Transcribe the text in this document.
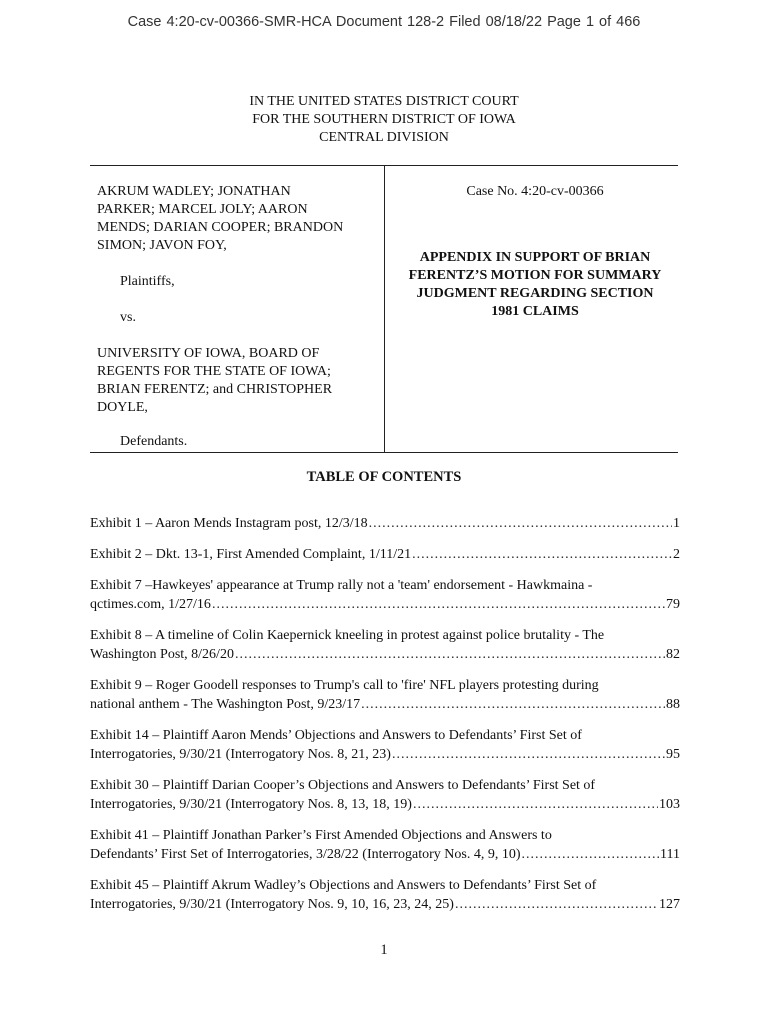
Case 4:20-cv-00366-SMR-HCA Document 128-2 Filed 08/18/22 Page 1 of 466
IN THE UNITED STATES DISTRICT COURT
FOR THE SOUTHERN DISTRICT OF IOWA
CENTRAL DIVISION
AKRUM WADLEY; JONATHAN
PARKER; MARCEL JOLY; AARON
MENDS; DARIAN COOPER; BRANDON
SIMON; JAVON FOY,
Plaintiffs,
vs.
UNIVERSITY OF IOWA, BOARD OF
REGENTS FOR THE STATE OF IOWA;
BRIAN FERENTZ; and CHRISTOPHER
DOYLE,
Defendants.
Case No. 4:20-cv-00366
APPENDIX IN SUPPORT OF BRIAN
FERENTZ’S MOTION FOR SUMMARY
JUDGMENT REGARDING SECTION
1981 CLAIMS
TABLE OF CONTENTS
Exhibit 1 – Aaron Mends Instagram post, 12/3/18 .....	1
Exhibit 2 – Dkt. 13-1, First Amended Complaint, 1/11/21 .....	2
Exhibit 7 –Hawkeyes' appearance at Trump rally not a 'team' endorsement - Hawkmaina -
qctimes.com, 1/27/16 .....	79
Exhibit 8 – A timeline of Colin Kaepernick kneeling in protest against police brutality - The
Washington Post, 8/26/20 .....	82
Exhibit 9 – Roger Goodell responses to Trump's call to 'fire' NFL players protesting during
national anthem - The Washington Post, 9/23/17 .....	88
Exhibit 14 – Plaintiff Aaron Mends’ Objections and Answers to Defendants’ First Set of
Interrogatories, 9/30/21 (Interrogatory Nos. 8, 21, 23) .....	95
Exhibit 30 – Plaintiff Darian Cooper’s Objections and Answers to Defendants’ First Set of
Interrogatories, 9/30/21 (Interrogatory Nos. 8, 13, 18, 19) .....	103
Exhibit 41 – Plaintiff Jonathan Parker’s First Amended Objections and Answers to
Defendants’ First Set of Interrogatories, 3/28/22 (Interrogatory Nos. 4, 9, 10) .....	111
Exhibit 45 – Plaintiff Akrum Wadley’s Objections and Answers to Defendants’ First Set of
Interrogatories, 9/30/21 (Interrogatory Nos. 9, 10, 16, 23, 24, 25) .....	127
1
